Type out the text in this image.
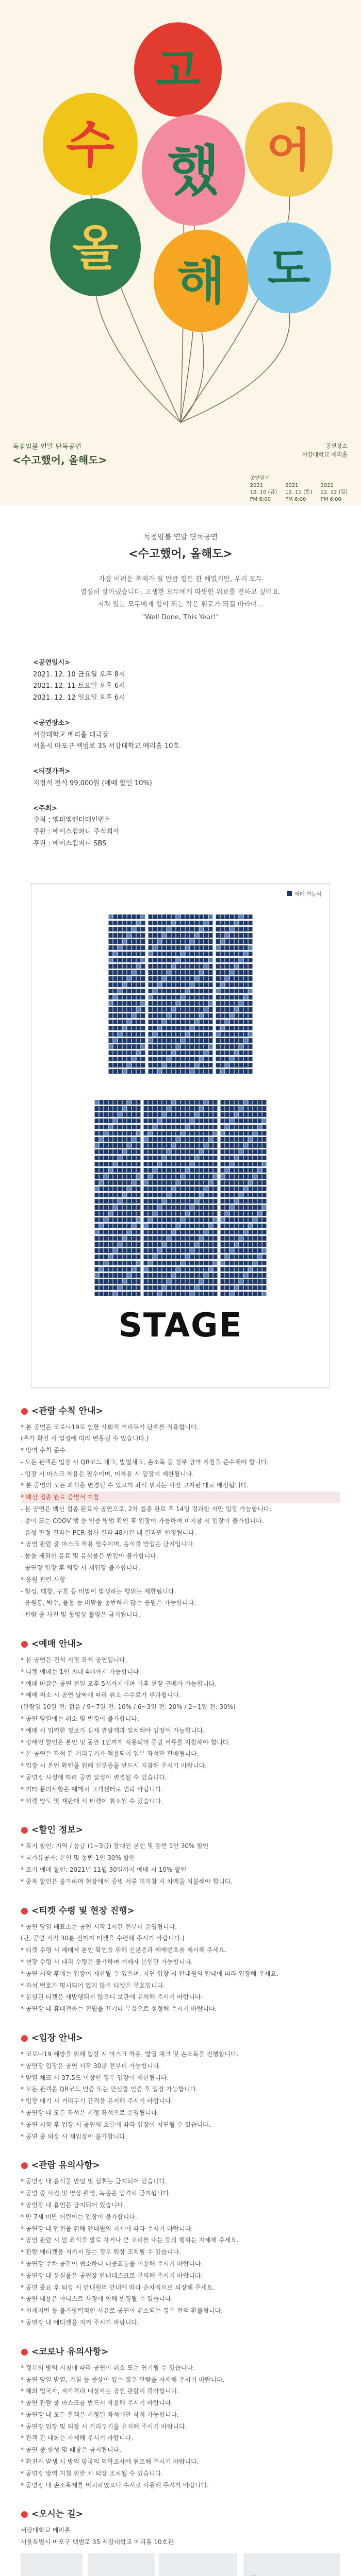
고
수 했 어
올
해 도
독점임불 연말 단독공연
<수고했어, 올해도>
공연장소
서강대학교 메리홀
공연일시
2021
12. 10 (금)
PM 8:00

2021
12. 11 (토)
PM 6:00

2021
12. 12 (일)
PM 6:00
독점임불 연말 단독공연
<수고했어, 올해도>
가장 어려운 축제가 될 만큼 힘든 한 해였지만, 우리 모두
열심히 살아냈습니다. 고생한 모두에게 따뜻한 위로를 전하고 싶어요.
지쳐 있는 모두에게 힘이 되는 작은 위로가 되길 바라며...
"Well Done, This Year!"
<공연일시>
2021. 12. 10 금요일 오후 8시
2021. 12. 11 토요일 오후 6시
2021. 12. 12 일요일 오후 6시
<공연장소>
서강대학교 메리홀 대극장
서울시 마포구 백범로 35 서강대학교 메리홀 10호
<티켓가격>
지정석 전석 99,000원 (예매 할인 10%)
<주최>
주최 : 엠피엠엔터테인먼트
주관 : 에이스컴퍼니 주식회사
후원 : 에이스컴퍼니 SBS
예매 가능석
STAGE
● <관람 수칙 안내>
* 본 공연은 코로나19로 인한 사회적 거리두기 단계를 적용합니다.
(추가 확진 시 일정에 따라 변동될 수 있습니다.)
* 방역 수칙 준수
- 모든 관객은 입장 시 QR코드 체크, 발열체크, 손소독 등 정부 방역 지침을 준수해야 합니다.
- 입장 시 마스크 착용은 필수이며, 미착용 시 입장이 제한됩니다.
* 본 공연의 모든 좌석은 변경될 수 있으며 좌석 위치는 사전 고지된 대로 배정됩니다.
* 백신 접종 완료 증명서 지참
- 본 공연은 백신 접종 완료자 공연으로, 2차 접종 완료 후 14일 경과한 자만 입장 가능합니다.
- 종이 또는 COOV 앱 등 인증 방법 확인 후 입장이 가능하며 미지참 시 입장이 불가합니다.
- 음성 판정 결과는 PCR 검사 결과 48시간 내 결과만 인정됩니다.
* 공연 관람 중 마스크 착용 필수이며, 음식물 반입은 금지입니다.
- 물을 제외한 음료 및 음식물은 반입이 불가합니다.
- 공연장 입장 후 퇴장 시 재입장 불가합니다.
* 응원 관련 사항
- 함성, 떼창, 구호 등 비말이 발생하는 행위는 제한됩니다.
- 응원봉, 박수, 율동 등 비말을 동반하지 않는 응원은 가능합니다.
- 관람 중 사진 및 동영상 촬영은 금지됩니다.
● <예매 안내>
* 본 공연은 전석 지정 좌석 공연입니다.
* 티켓 예매는 1인 최대 4매까지 가능합니다.
* 예매 마감은 공연 전일 오후 5시까지이며 이후 현장 구매가 가능합니다.
* 예매 취소 시 공연 날짜에 따라 취소 수수료가 부과됩니다.
(관람일 10일 전: 없음 / 9~7일 전: 10% / 6~3일 전: 20% / 2~1일 전: 30%)
* 공연 당일에는 취소 및 변경이 불가합니다.
* 예매 시 입력한 정보가 실제 관람객과 일치해야 입장이 가능합니다.
* 장애인 할인은 본인 및 동반 1인까지 적용되며 증빙 서류를 지참해야 합니다.
* 본 공연은 좌석 간 거리두기가 적용되어 일부 좌석만 판매됩니다.
* 입장 시 본인 확인을 위해 신분증을 반드시 지참해 주시기 바랍니다.
* 공연장 사정에 따라 공연 일정이 변경될 수 있습니다.
* 기타 문의사항은 예매처 고객센터로 연락 바랍니다.
* 티켓 양도 및 재판매 시 티켓이 취소될 수 있습니다.
● <할인 정보>
* 복지 할인: 지역 / 등급 (1~3급) 장애인 본인 및 동반 1인 30% 할인
* 국가유공자: 본인 및 동반 1인 30% 할인
* 조기 예매 할인: 2021년 11월 30일까지 예매 시 10% 할인
* 중복 할인은 불가하며 현장에서 증빙 서류 미지참 시 차액을 지불해야 합니다.
● <티켓 수령 및 현장 진행>
* 공연 당일 매표소는 공연 시작 1시간 전부터 운영됩니다.
(단, 공연 시작 30분 전까지 티켓을 수령해 주시기 바랍니다.)
* 티켓 수령 시 예매자 본인 확인을 위해 신분증과 예매번호를 제시해 주세요.
* 현장 수령 시 대리 수령은 불가하며 예매자 본인만 가능합니다.
* 공연 시작 후에는 입장이 제한될 수 있으며, 지연 입장 시 안내원의 안내에 따라 입장해 주세요.
* 좌석 번호가 명시되어 있지 않은 티켓은 무효입니다.
* 분실된 티켓은 재발행되지 않으니 보관에 유의해 주시기 바랍니다.
* 공연장 내 휴대전화는 전원을 끄거나 무음으로 설정해 주시기 바랍니다.
● <입장 안내>
* 코로나19 예방을 위해 입장 시 마스크 착용, 발열 체크 및 손소독을 진행합니다.
* 공연장 입장은 공연 시작 30분 전부터 가능합니다.
* 발열 체크 시 37.5도 이상인 경우 입장이 제한됩니다.
* 모든 관객은 QR코드 인증 또는 안심콜 인증 후 입장 가능합니다.
* 입장 대기 시 거리두기 간격을 유지해 주시기 바랍니다.
* 공연장 내 모든 좌석은 지정 좌석으로 운영됩니다.
* 공연 시작 후 입장 시 공연의 흐름에 따라 입장이 지연될 수 있습니다.
* 공연 중 퇴장 시 재입장이 불가합니다.
● <관람 유의사항>
* 공연장 내 음식물 반입 및 섭취는 금지되어 있습니다.
* 공연 중 사진 및 영상 촬영, 녹음은 엄격히 금지됩니다.
* 공연장 내 흡연은 금지되어 있습니다.
* 만 7세 미만 어린이는 입장이 불가합니다.
* 공연장 내 안전을 위해 안내원의 지시에 따라 주시기 바랍니다.
* 공연 관람 시 앞 좌석을 발로 차거나 큰 소리를 내는 등의 행위는 자제해 주세요.
* 관람 에티켓을 지키지 않는 경우 퇴장 조치될 수 있습니다.
* 공연장 주차 공간이 협소하니 대중교통을 이용해 주시기 바랍니다.
* 공연장 내 분실물은 공연장 안내데스크로 문의해 주시기 바랍니다.
* 공연 종료 후 퇴장 시 안내원의 안내에 따라 순차적으로 퇴장해 주세요.
* 공연 내용은 아티스트 사정에 의해 변경될 수 있습니다.
* 천재지변 등 불가항력적인 사유로 공연이 취소되는 경우 전액 환불됩니다.
* 공연장 내 에티켓을 지켜 주시기 바랍니다.
● <코로나 유의사항>
* 정부의 방역 지침에 따라 공연이 취소 또는 연기될 수 있습니다.
* 공연 당일 발열, 기침 등 증상이 있는 경우 관람을 자제해 주시기 바랍니다.
* 해외 입국자, 자가격리 대상자는 공연 관람이 불가합니다.
* 공연 관람 중 마스크를 반드시 착용해 주시기 바랍니다.
* 공연장 내 모든 관객은 지정된 좌석에만 착석 가능합니다.
* 공연장 입장 및 퇴장 시 거리두기를 유지해 주시기 바랍니다.
* 관객 간 대화는 자제해 주시기 바랍니다.
* 공연 중 함성 및 떼창은 금지됩니다.
* 확진자 발생 시 방역 당국의 역학조사에 협조해 주시기 바랍니다.
* 공연장 방역 지침 위반 시 퇴장 조치될 수 있습니다.
* 공연장 내 손소독제를 비치하였으니 수시로 사용해 주시기 바랍니다.
● <오시는 길>
서강대학교 메리홀
서울특별시 마포구 백범로 35 서강대학교 메리홀 10호관
